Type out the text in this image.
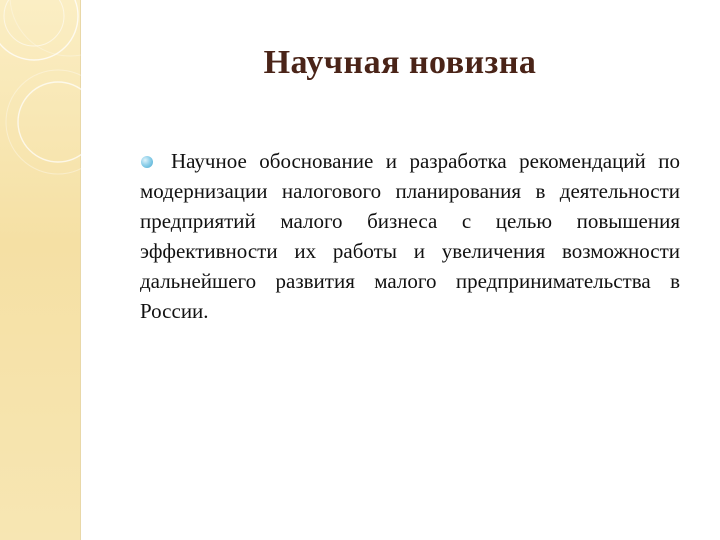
Научная новизна

Научное обоснование и разработка рекомендаций по модернизации налогового планирования в деятельности предприятий малого бизнеса с целью повышения эффективности их работы и увеличения возможности дальнейшего развития малого предпринимательства в России.
